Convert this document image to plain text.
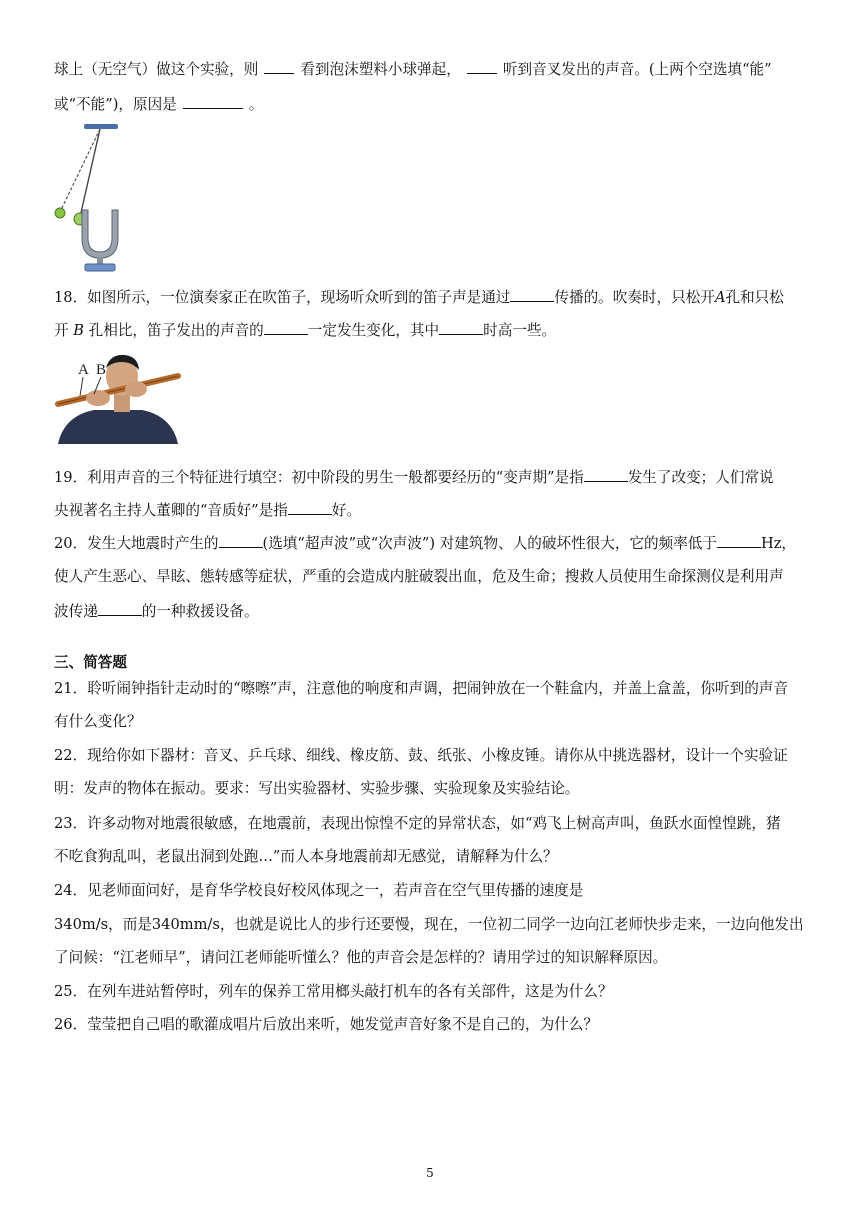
球上（无空气）做这个实验，则	看到泡沫塑料小球弹起，	听到音叉发出的声音。(上两个空选填“能”
或“不能”)，原因是	。
18．如图所示，一位演奏家正在吹笛子，现场听众听到的笛子声是通过	传播的。吹奏时，只松开A孔和只松
开 B 孔相比，笛子发出的声音的	一定发生变化，其中	时高一些。
A B
19．利用声音的三个特征进行填空：初中阶段的男生一般都要经历的“变声期”是指	发生了改变；人们常说
央视著名主持人董卿的“音质好”是指	好。
20．发生大地震时产生的	(选填“超声波”或“次声波”) 对建筑物、人的破坏性很大，它的频率低于	Hz，
使人产生恶心、旱眩、態转感等症状，严重的会造成内脏破裂出血，危及生命；搜救人员使用生命探测仪是利用声
波传递	的一种救援设备。
三、简答题
21．聆听闹钟指针走动时的“嚓嚓”声，注意他的响度和声调，把闹钟放在一个鞋盒内，并盖上盒盖，你听到的声音
有什么变化？
22．现给你如下器材：音叉、乒乓球、细线、橡皮筋、鼓、纸张、小橡皮锤。请你从中挑选器材，设计一个实验证
明：发声的物体在振动。要求：写出实验器材、实验步骤、实验现象及实验结论。
23．许多动物对地震很敏感，在地震前，表现出惊惶不定的异常状态，如“鸡飞上树高声叫，鱼跃水面惶惶跳，猪
不吃食狗乱叫，老鼠出洞到处跑…”而人本身地震前却无感觉，请解释为什么？
24．见老师面问好，是育华学校良好校风体现之一，若声音在空气里传播的速度是
340m/s，而是340mm/s，也就是说比人的步行还要慢，现在，一位初二同学一边向江老师快步走来，一边向他发出
了问候：“江老师早”，请问江老师能听懂么？他的声音会是怎样的？请用学过的知识解释原因。
25．在列车进站暂停时，列车的保养工常用榔头敲打机车的各有关部件，这是为什么？
26．莹莹把自己唱的歌灌成唱片后放出来听，她发觉声音好象不是自己的，为什么？
5
